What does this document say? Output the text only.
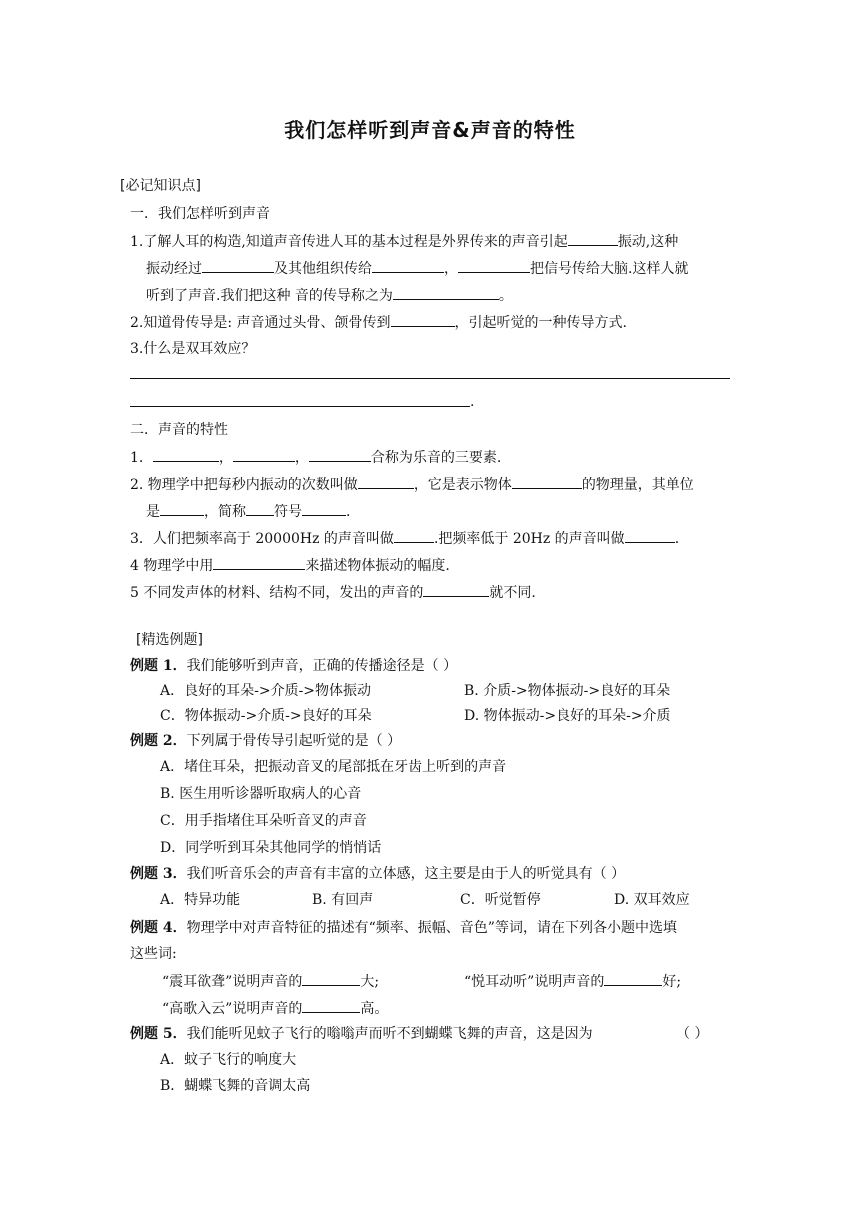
我们怎样听到声音&声音的特性
[必记知识点]
一．我们怎样听到声音
1.了解人耳的构造,知道声音传进人耳的基本过程是外界传来的声音引起	振动,这种
振动经过	及其他组织传给	，	把信号传给大脑.这样人就
听到了声音.我们把这种 音的传导称之为	。
2.知道骨传导是: 声音通过头骨、颌骨传到	，引起听觉的一种传导方式.
3.什么是双耳效应？
.
二．声音的特性
1．	，	，	合称为乐音的三要素.
2. 物理学中把每秒内振动的次数叫做	，它是表示物体	的物理量，其单位
是	，简称 符号	.
3．人们把频率高于 20000Hz 的声音叫做	.把频率低于 20Hz 的声音叫做	．
4 物理学中用	来描述物体振动的幅度.
5 不同发声体的材料、结构不同，发出的声音的	就不同.
[精选例题]
例题 1．我们能够听到声音，正确的传播途径是（ ）
A．良好的耳朵->介质->物体振动	B. 介质->物体振动->良好的耳朵
C．物体振动->介质->良好的耳朵	D. 物体振动->良好的耳朵->介质
例题 2．下列属于骨传导引起听觉的是（ ）
A．堵住耳朵，把振动音叉的尾部抵在牙齿上听到的声音
B. 医生用听诊器听取病人的心音
C．用手指堵住耳朵听音叉的声音
D．同学听到耳朵其他同学的悄悄话
例题 3．我们听音乐会的声音有丰富的立体感，这主要是由于人的听觉具有（ ）
A．特异功能	B. 有回声	C．听觉暂停	D. 双耳效应
例题 4．物理学中对声音特征的描述有“频率、振幅、音色”等词，请在下列各小题中选填
这些词:
“震耳欲聋”说明声音的	大;	“悦耳动听”说明声音的	好;
“高歌入云”说明声音的	高。
例题 5．我们能听见蚊子飞行的嗡嗡声而听不到蝴蝶飞舞的声音，这是因为	（ ）
A．蚊子飞行的响度大
B．蝴蝶飞舞的音调太高
